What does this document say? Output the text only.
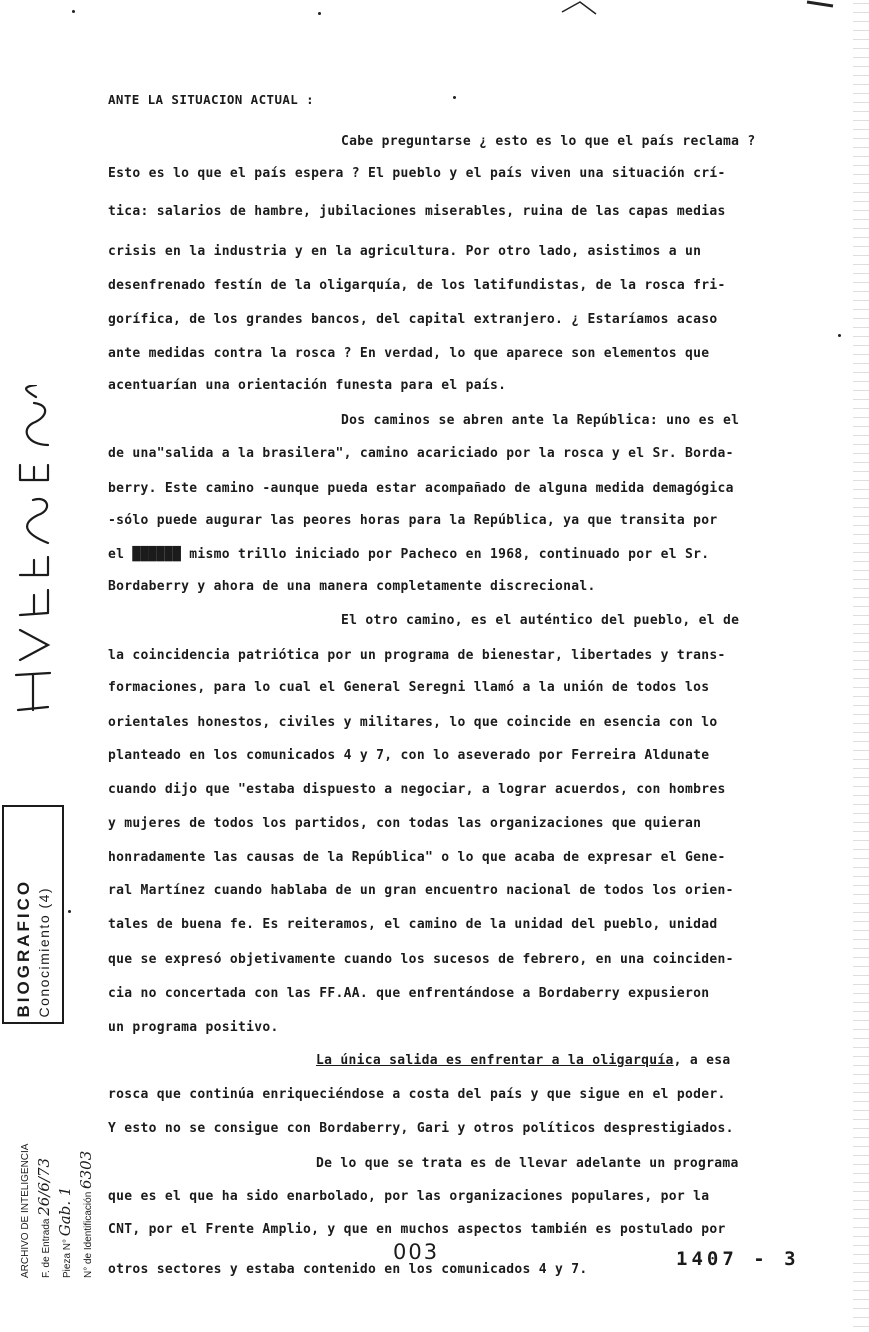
ANTE LA SITUACION ACTUAL :
Cabe preguntarse ¿ esto es lo que el país reclama ?
Esto es lo que el país espera ? El pueblo y el país viven una situación crí-
tica: salarios de hambre, jubilaciones miserables, ruina de las capas medias
crisis en la industria y en la agricultura. Por otro lado, asistimos a un
desenfrenado festín de la oligarquía, de los latifundistas, de la rosca fri-
gorífica, de los grandes bancos, del capital extranjero. ¿ Estaríamos acaso
ante medidas contra la rosca ? En verdad, lo que aparece son elementos que
acentuarían una orientación funesta para el país.
Dos caminos se abren ante la República: uno es el
de una"salida a la brasilera", camino acariciado por la rosca y el Sr. Borda-
berry. Este camino -aunque pueda estar acompañado de alguna medida demagógica
-sólo puede augurar las peores horas para la República, ya que transita por
el ██████ mismo trillo iniciado por Pacheco en 1968, continuado por el Sr.
Bordaberry y ahora de una manera completamente discrecional.
El otro camino, es el auténtico del pueblo, el de
la coincidencia patriótica por un programa de bienestar, libertades y trans-
formaciones, para lo cual el General Seregni llamó a la unión de todos los
orientales honestos, civiles y militares, lo que coincide en esencia con lo
planteado en los comunicados 4 y 7, con lo aseverado por Ferreira Aldunate
cuando dijo que "estaba dispuesto a negociar, a lograr acuerdos, con hombres
y mujeres de todos los partidos, con todas las organizaciones que quieran
honradamente las causas de la República" o lo que acaba de expresar el Gene-
ral Martínez cuando hablaba de un gran encuentro nacional de todos los orien-
tales de buena fe. Es reiteramos, el camino de la unidad del pueblo, unidad
que se expresó objetivamente cuando los sucesos de febrero, en una coinciden-
cia no concertada con las FF.AA. que enfrentándose a Bordaberry expusieron
un programa positivo.
La única salida es enfrentar a la oligarquía, a esa
rosca que continúa enriqueciéndose a costa del país y que sigue en el poder.
Y esto no se consigue con Bordaberry, Gari y otros políticos desprestigiados.
De lo que se trata es de llevar adelante un programa
que es el que ha sido enarbolado, por las organizaciones populares, por la
CNT, por el Frente Amplio, y que en muchos aspectos también es postulado por
otros sectores y estaba contenido en los comunicados 4 y 7.
BIOGRAFICO Conocimiento (4)
ARCHIVO DE INTELIGENCIA	F. de Entrada 26/6/73
Pieza N° Gab. 1 N° de Identificación 6303
003	1407 - 3
